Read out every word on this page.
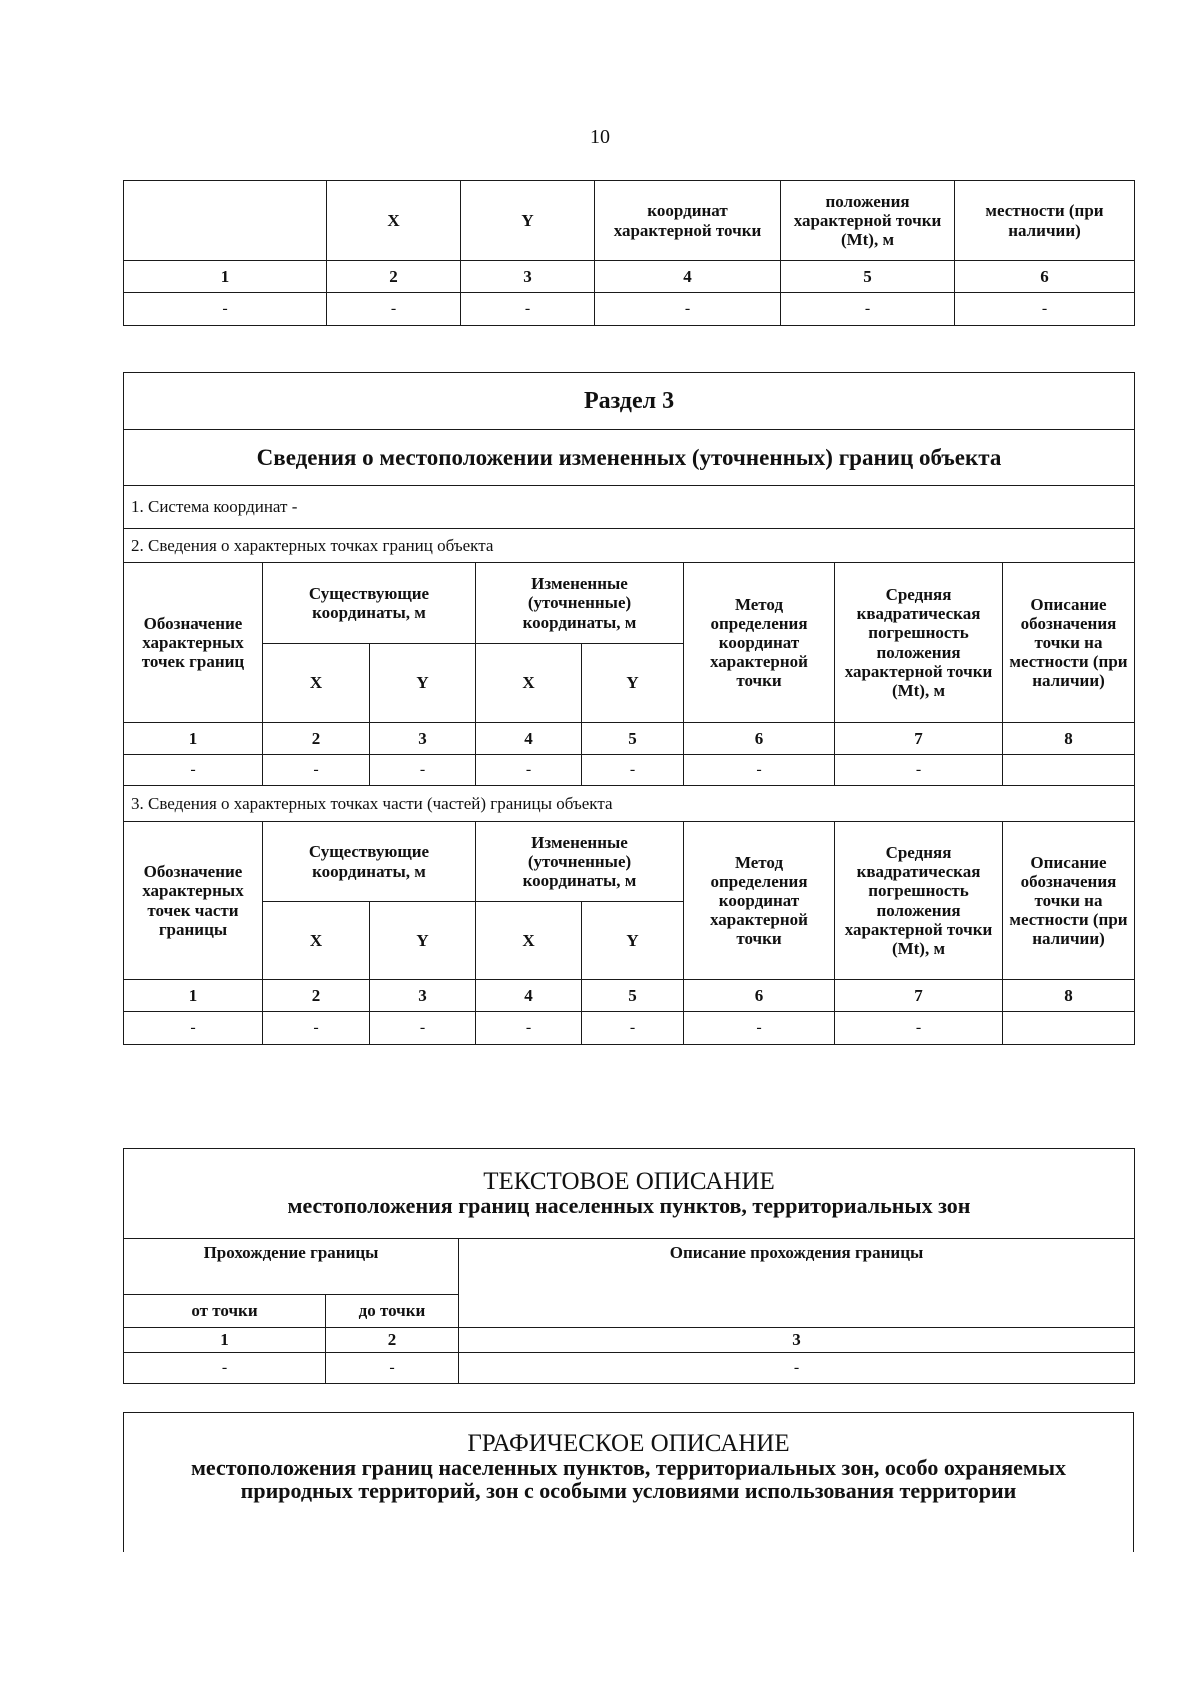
10
	X	Y	координат характерной точки	положения характерной точки (Mt), м	местности (при наличии)
1	2	3	4	5	6
-	-	-	-	-	-
Раздел 3							
Сведения о местоположении измененных (уточненных) границ объекта							
1. Система координат -							
2. Сведения о характерных точках границ объекта							
Обозначение характерных точек границ	Существующие координаты, м		Измененные (уточненные) координаты, м		Метод определения координат характерной точки	Средняя квадратическая погрешность положения характерной точки (Mt), м	Описание обозначения точки на местности (при наличии)
	X	Y	X	Y			
1	2	3	4	5	6	7	8
-	-	-	-	-	-	-	
3. Сведения о характерных точках части (частей) границы объекта							
Обозначение характерных точек части границы	Существующие координаты, м		Измененные (уточненные) координаты, м		Метод определения координат характерной точки	Средняя квадратическая погрешность положения характерной точки (Mt), м	Описание обозначения точки на местности (при наличии)
	X	Y	X	Y			
1	2	3	4	5	6	7	8
-	-	-	-	-	-	-	
ТЕКСТОВОЕ ОПИСАНИЕ
местоположения границ населенных пунктов, территориальных зон		

Прохождение границы		Описание прохождения границы
от точки	до точки	
1	2	3
-	-	-
ГРАФИЧЕСКОЕ ОПИСАНИЕ
местоположения границ населенных пунктов, территориальных зон, особо охраняемых природных территорий, зон с особыми условиями использования территории
